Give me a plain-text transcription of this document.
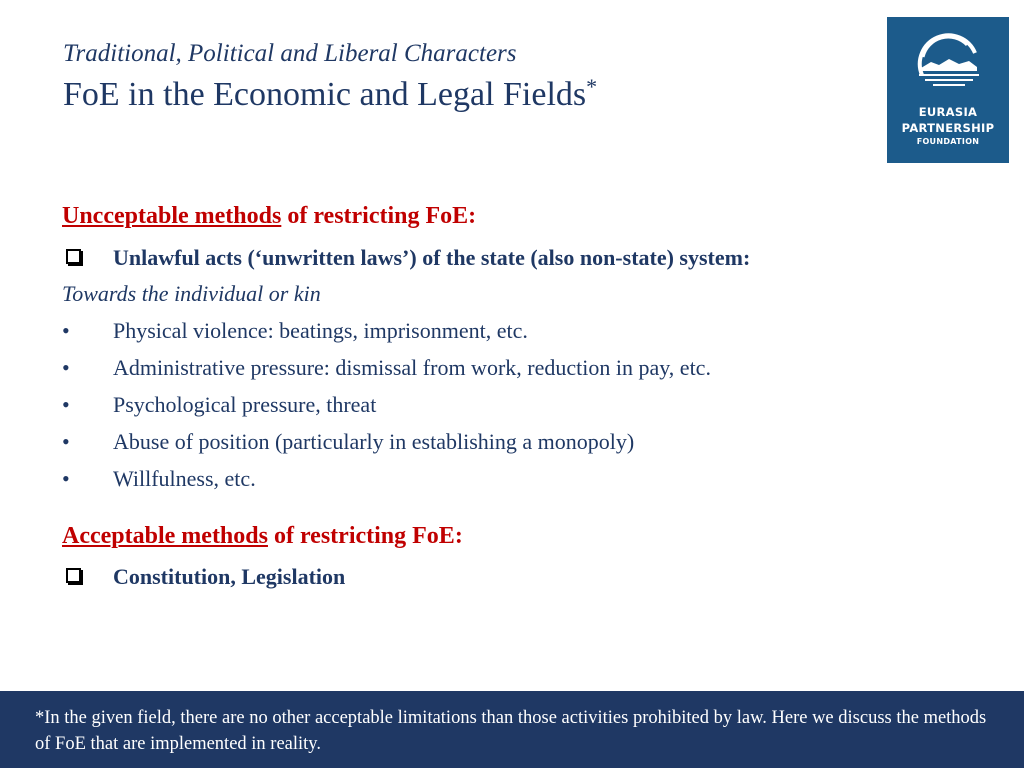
Traditional, Political and Liberal Characters
FoE in the Economic and Legal Fields*
EURASIA
PARTNERSHIP
FOUNDATION
Uncceptable methods of restricting FoE:
Unlawful acts (‘unwritten laws’) of the state (also non-state) system:
Towards the individual or kin
• Physical violence: beatings, imprisonment, etc.
• Administrative pressure: dismissal from work, reduction in pay, etc.
• Psychological pressure, threat
• Abuse of position (particularly in establishing a monopoly)
• Willfulness, etc.
Acceptable methods of restricting FoE:
Constitution, Legislation
*In the given field, there are no other acceptable limitations than those activities prohibited by law. Here we discuss the methods of FoE that are implemented in reality.
